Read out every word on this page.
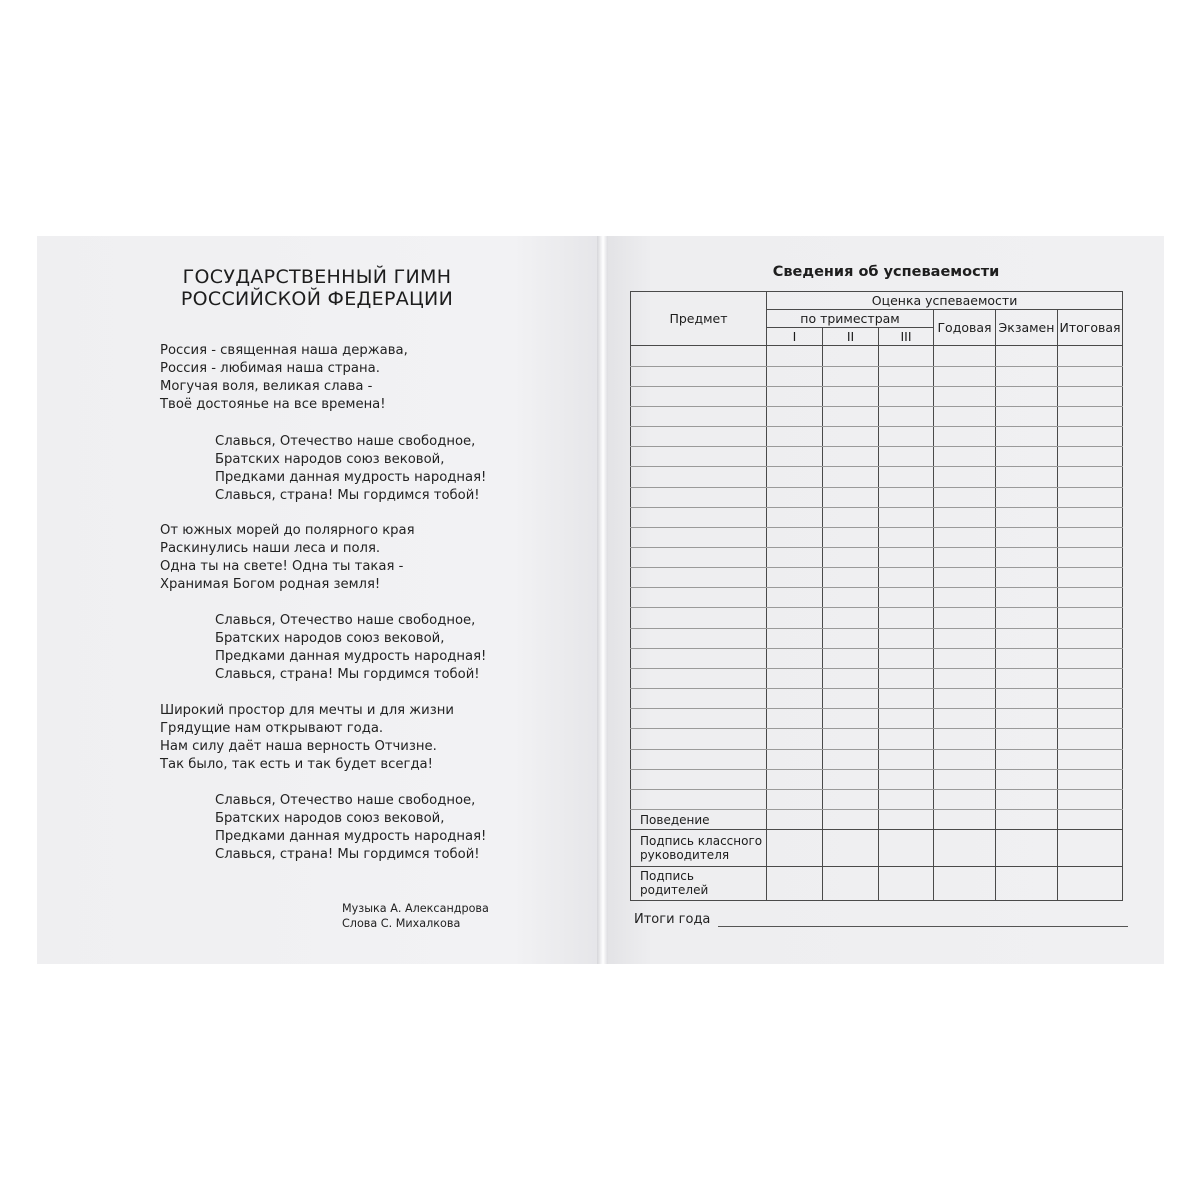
ГОСУДАРСТВЕННЫЙ ГИМН
РОССИЙСКОЙ ФЕДЕРАЦИИ
Россия - священная наша держава,
Россия - любимая наша страна.
Могучая воля, великая слава -
Твоё достоянье на все времена!
Славься, Отечество наше свободное,
Братских народов союз вековой,
Предками данная мудрость народная!
Славься, страна! Мы гордимся тобой!
От южных морей до полярного края
Раскинулись наши леса и поля.
Одна ты на свете! Одна ты такая -
Хранимая Богом родная земля!
Славься, Отечество наше свободное,
Братских народов союз вековой,
Предками данная мудрость народная!
Славься, страна! Мы гордимся тобой!
Широкий простор для мечты и для жизни
Грядущие нам открывают года.
Нам силу даёт наша верность Отчизне.
Так было, так есть и так будет всегда!
Славься, Отечество наше свободное,
Братских народов союз вековой,
Предками данная мудрость народная!
Славься, страна! Мы гордимся тобой!
Музыка А. Александрова
Слова С. Михалкова
Сведения об успеваемости
Предмет	Оценка успеваемости					
	по триместрам			Годовая	Экзамен	Итоговая
	I	II	III			

Поведение						

Подпись классного
руководителя						

Подпись родителей						
Итоги года
